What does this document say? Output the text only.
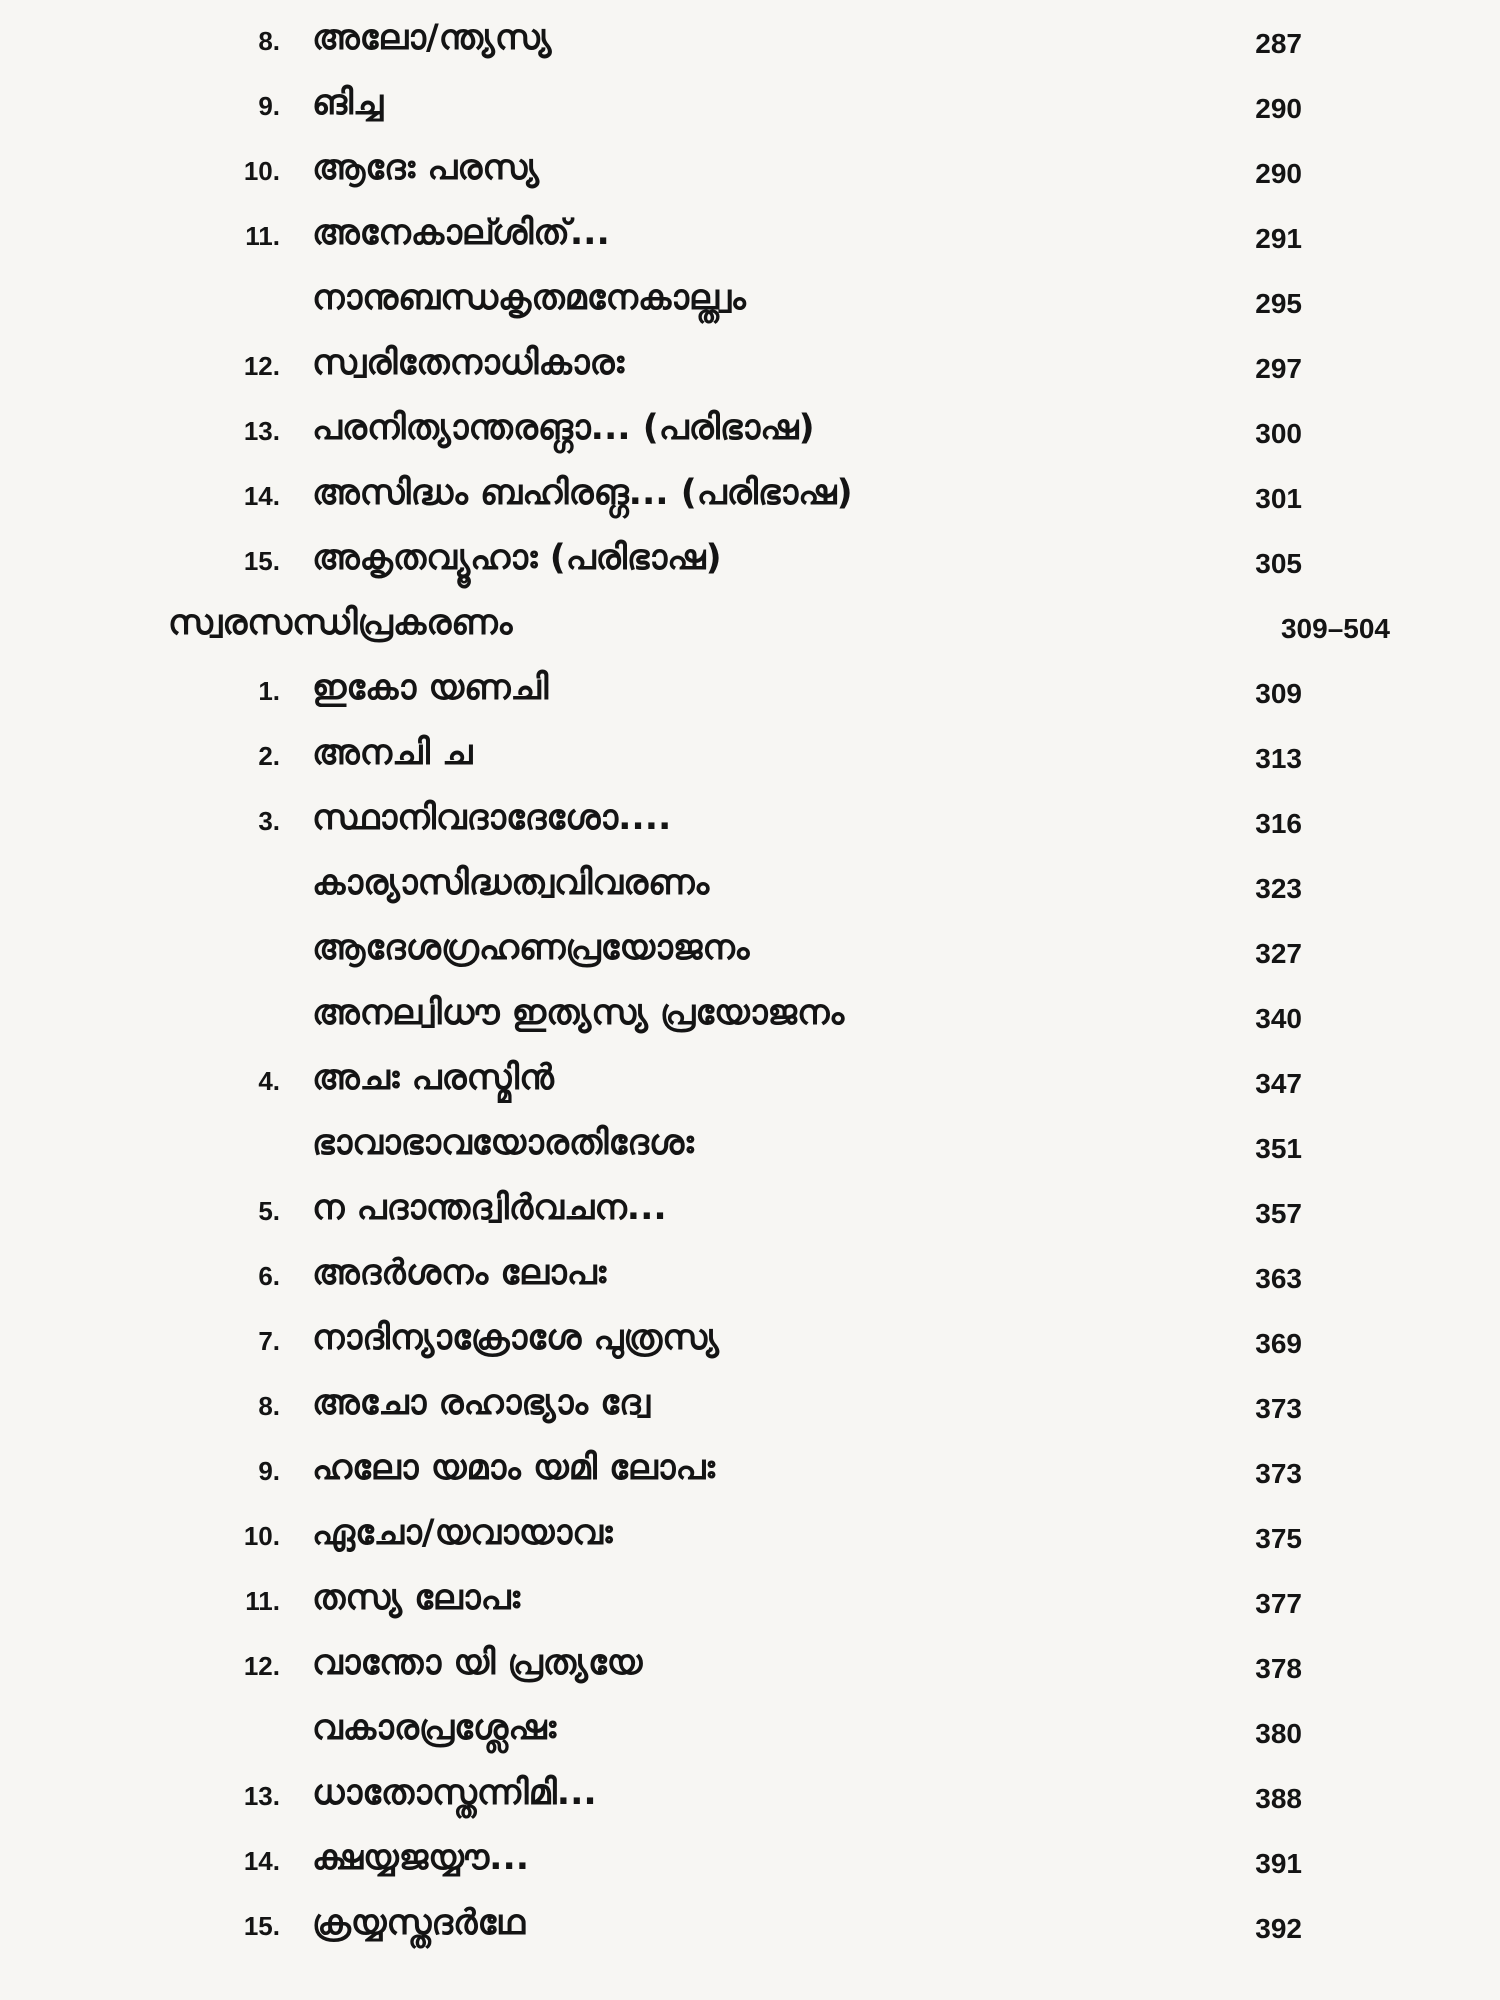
8. അലോ/ന്ത്യസ്യ	287
9. ങിച്ച	290
10. ആദേഃ പരസ്യ	290
11. അനേകാല്ശിത്...	291
നാനുബന്ധകൃതമനേകാല്ത്വം	295
12. സ്വരിതേനാധികാരഃ	297
13. പരനിത്യാന്തരങ്ഗാ... (പരിഭാഷ)	300
14. അസിദ്ധം ബഹിരങ്ഗ... (പരിഭാഷ)	301
15. അകൃതവ്യൂഹാഃ (പരിഭാഷ)	305
സ്വരസന്ധിപ്രകരണം	309–504
1. ഇകോ യണചി	309
2. അനചി ച	313
3. സ്ഥാനിവദാദേശോ....	316
കാര്യാസിദ്ധത്വവിവരണം	323
ആദേശഗ്രഹണപ്രയോജനം	327
അനല്വിധൗ ഇത്യസ്യ പ്രയോജനം	340
4. അചഃ പരസ്മിൻ	347
ഭാവാഭാവയോരതിദേശഃ	351
5. ന പദാന്തദ്വിർവചന...	357
6. അദർശനം ലോപഃ	363
7. നാദിന്യാക്രോശേ പുത്രസ്യ	369
8. അചോ രഹാഭ്യാം ദ്വേ	373
9. ഹലോ യമാം യമി ലോപഃ	373
10. ഏചോ/യവായാവഃ	375
11. തസ്യ ലോപഃ	377
12. വാന്തോ യി പ്രത്യയേ	378
വകാരപ്രശ്ലേഷഃ	380
13. ധാതോസ്തന്നിമി...	388
14. ക്ഷയ്യജയ്യൗ...	391
15. ക്രയ്യസ്തദർഥേ	392
